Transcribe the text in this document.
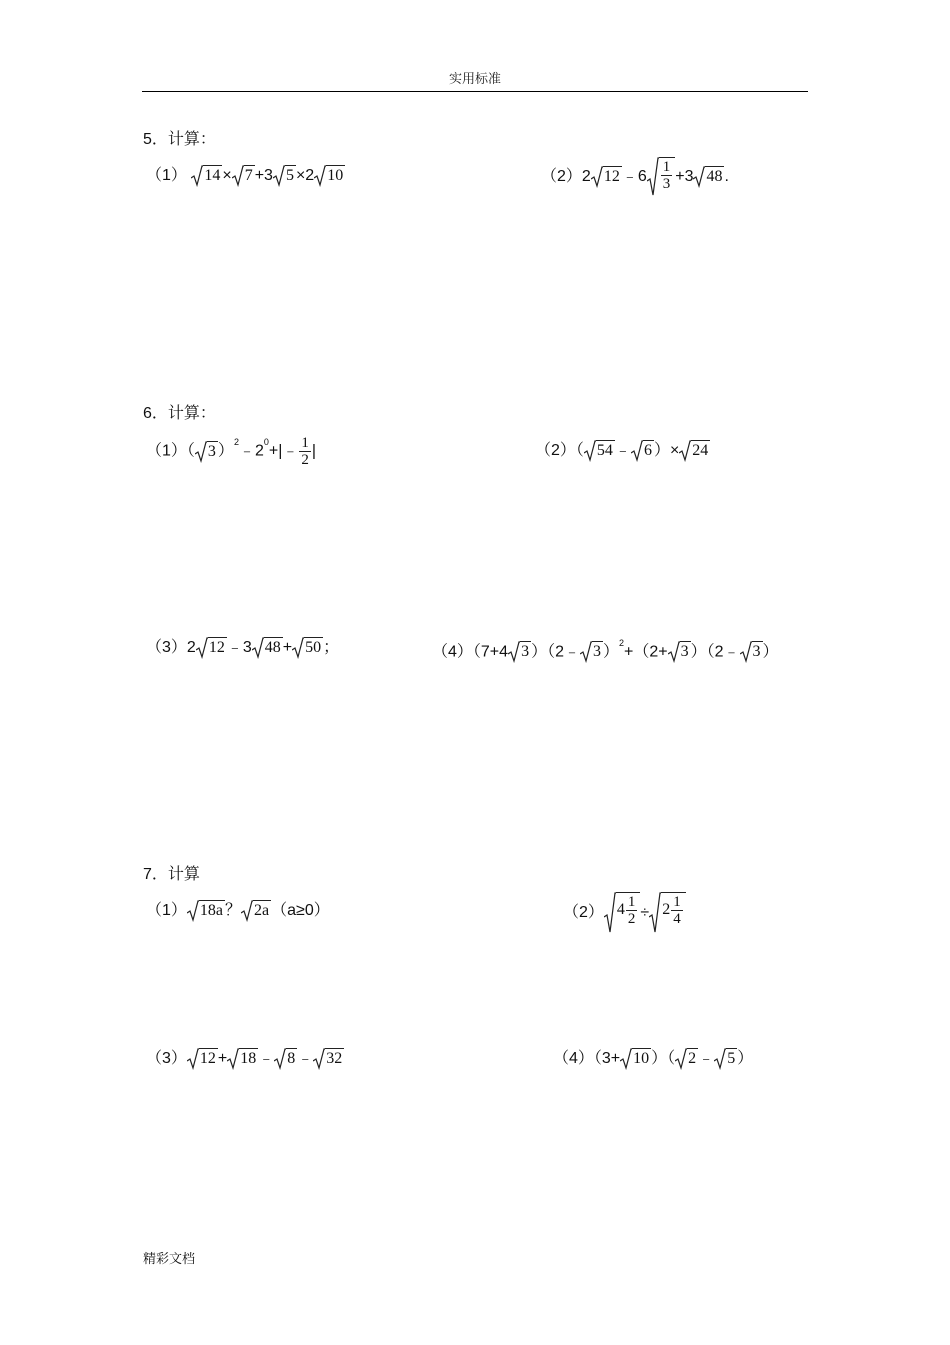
实用标准
5．计算：
（1） 14 × 7 +3 5 ×2 10	（2）2 12 ﹣6 $\frac{1}{3} +3$ 48 .
6．计算：
（1）（ 3 ）$^2﹣2^0+|﹣ \frac{1}{2}$ |	（2）（ 54 ﹣ 6 ）× 24
（3）2 12 ﹣3 48 + 50 ；	（4）（7+4 3 ）（2﹣ 3 ）$^2$+（2+ 3 ）（2﹣ 3 ）
7．计算
（1） 18a ？ 2a （a≥0）	（2） $4 \frac{1}{2} \div 2 \frac{1}{4}$
（3） 12 + 18 ﹣ 8 ﹣ 32	（4）（3+ 10 ）（ 2 ﹣ 5 ）
精彩文档
